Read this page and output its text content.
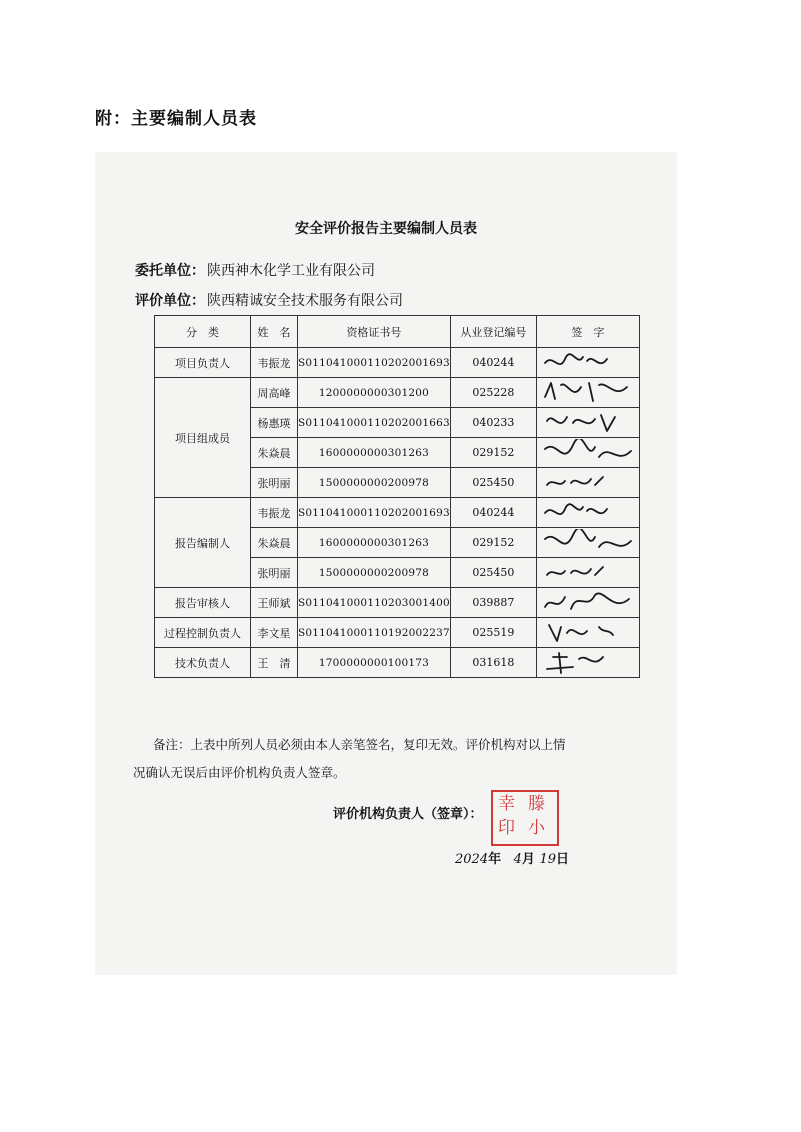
附：主要编制人员表
安全评价报告主要编制人员表
委托单位： 陕西神木化学工业有限公司
评价单位： 陕西精诚安全技术服务有限公司
分　类	姓　名	资格证书号	从业登记编号	签　字
项目负责人	韦振龙	S011041000110202001693	040244	

项目组成员	周高峰	1200000000301200	025228	

	杨惠瑛	S011041000110202001663	040233	

	朱焱晨	1600000000301263	029152	

	张明丽	1500000000200978	025450	

报告编制人	韦振龙	S011041000110202001693	040244	

	朱焱晨	1600000000301263	029152	

	张明丽	1500000000200978	025450	

报告审核人	王师斌	S011041000110203001400	039887	

过程控制负责人	李文星	S011041000110192002237	025519	

技术负责人	王　清	1700000000100173	031618	
备注：上表中所列人员必须由本人亲笔签名，复印无效。评价机构对以上情
况确认无误后由评价机构负责人签章。
评价机构负责人（签章）：
幸 滕
印 小
2024年 4月 19日
